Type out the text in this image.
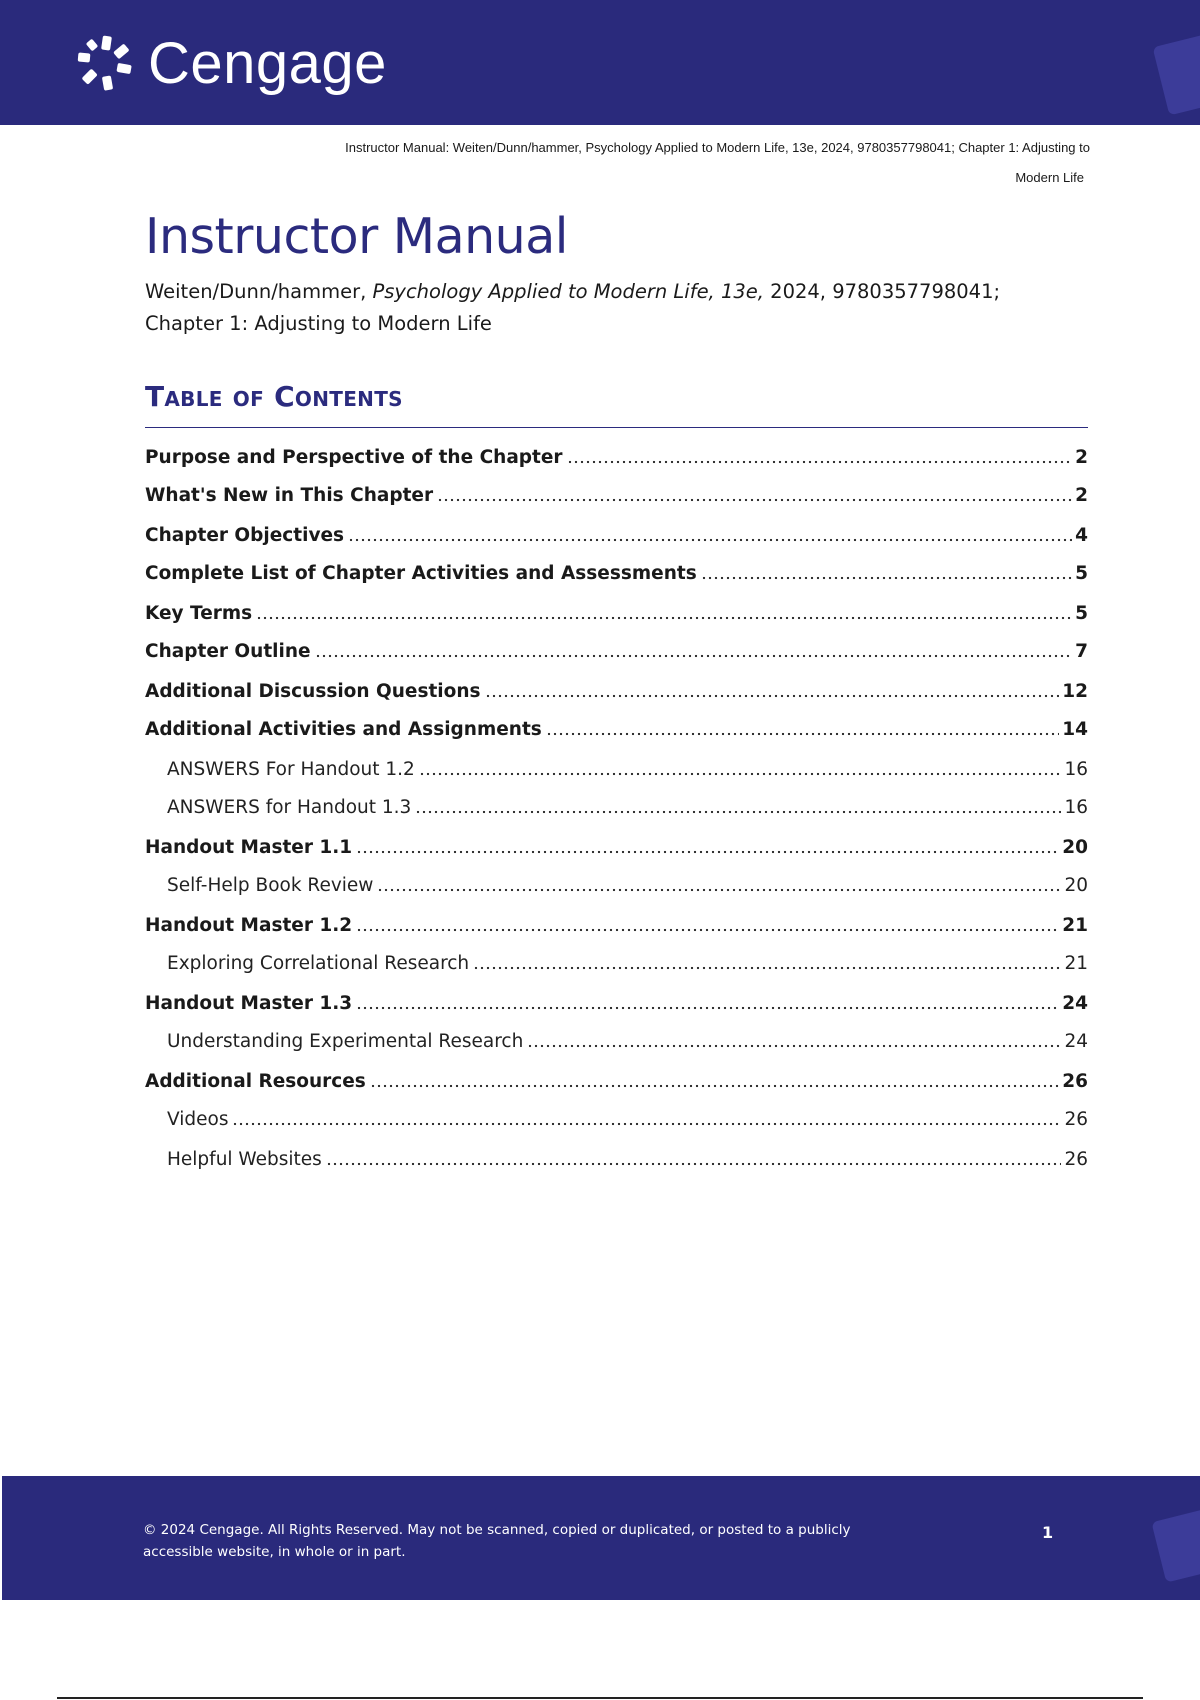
Cengage
Instructor Manual: Weiten/Dunn/hammer, Psychology Applied to Modern Life, 13e, 2024, 9780357798041; Chapter 1: Adjusting to
Modern Life
Instructor Manual
Weiten/Dunn/hammer, Psychology Applied to Modern Life, 13e, 2024, 9780357798041;
Chapter 1: Adjusting to Modern Life
Table of Contents
Purpose and Perspective of the Chapter	2
What's New in This Chapter	2
Chapter Objectives	4
Complete List of Chapter Activities and Assessments	5
Key Terms	5
Chapter Outline	7
Additional Discussion Questions	12
Additional Activities and Assignments	14
ANSWERS For Handout 1.2	16
ANSWERS for Handout 1.3	16
Handout Master 1.1	20
Self-Help Book Review	20
Handout Master 1.2	21
Exploring Correlational Research	21
Handout Master 1.3	24
Understanding Experimental Research	24
Additional Resources	26
Videos	26
Helpful Websites	26
© 2024 Cengage. All Rights Reserved. May not be scanned, copied or duplicated, or posted to a publicly
accessible website, in whole or in part.
1
